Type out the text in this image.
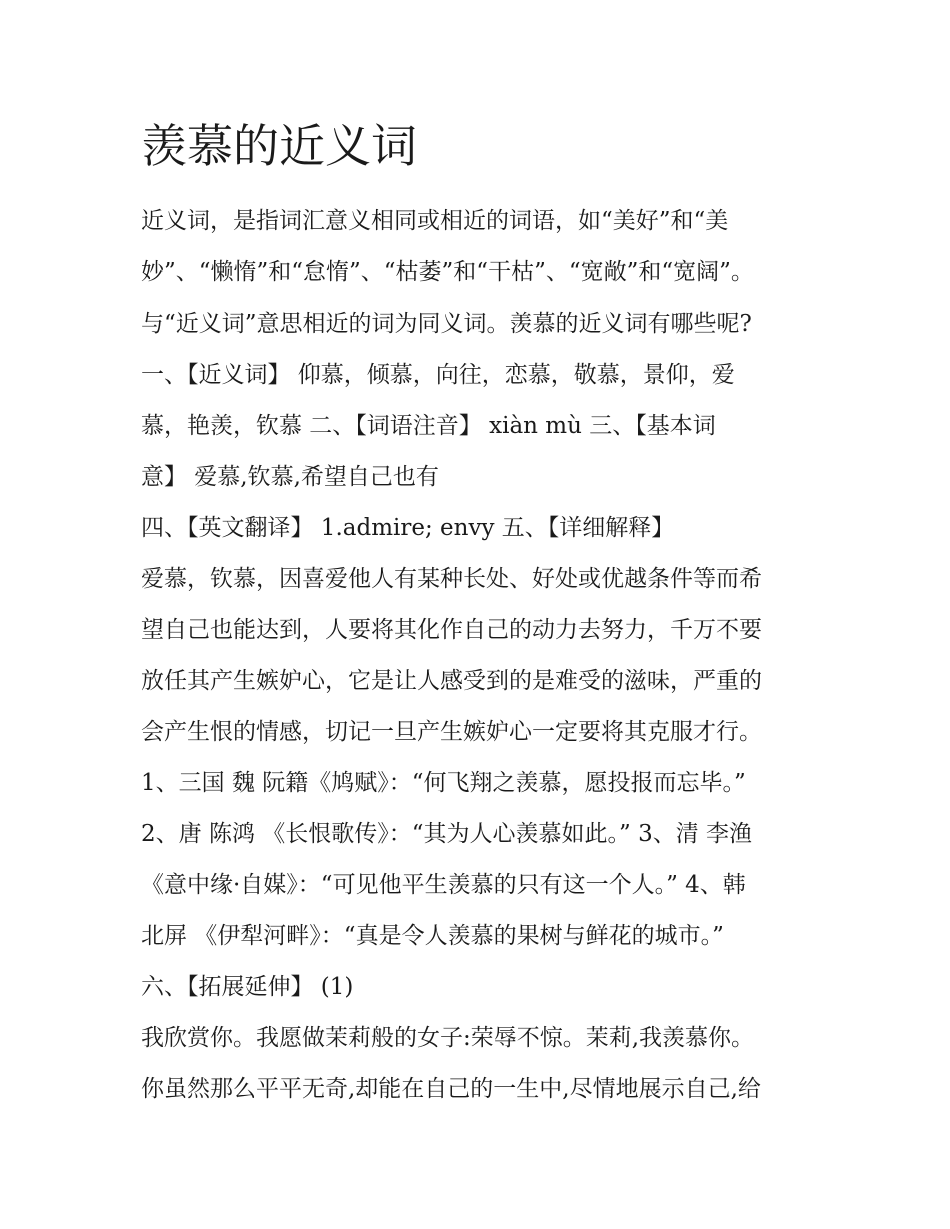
羡慕的近义词

近义词，是指词汇意义相同或相近的词语，如“美好”和“美

妙”、“懒惰”和“怠惰”、“枯萎”和“干枯”、“宽敞”和“宽阔”。

与“近义词”意思相近的词为同义词。羡慕的近义词有哪些呢?

一、【近义词】 仰慕，倾慕，向往，恋慕，敬慕，景仰，爱

慕，艳羡，钦慕 二、【词语注音】 xiàn mù 三、【基本词

意】 爱慕,钦慕,希望自己也有

四、【英文翻译】 1.admire; envy 五、【详细解释】

爱慕，钦慕，因喜爱他人有某种长处、好处或优越条件等而希

望自己也能达到，人要将其化作自己的动力去努力，千万不要

放任其产生嫉妒心，它是让人感受到的是难受的滋味，严重的

会产生恨的情感，切记一旦产生嫉妒心一定要将其克服才行。

1、三国 魏 阮籍《鸠赋》：“何飞翔之羡慕，愿投报而忘毕。”

2、唐 陈鸿 《长恨歌传》：“其为人心羡慕如此。” 3、清 李渔

《意中缘·自媒》：“可见他平生羡慕的只有这一个人。” 4、韩

北屏 《伊犁河畔》：“真是令人羡慕的果树与鲜花的城市。”

六、【拓展延伸】 (1)

我欣赏你。我愿做茉莉般的女子:荣辱不惊。茉莉,我羡慕你。

你虽然那么平平无奇,却能在自己的一生中,尽情地展示自己,给
